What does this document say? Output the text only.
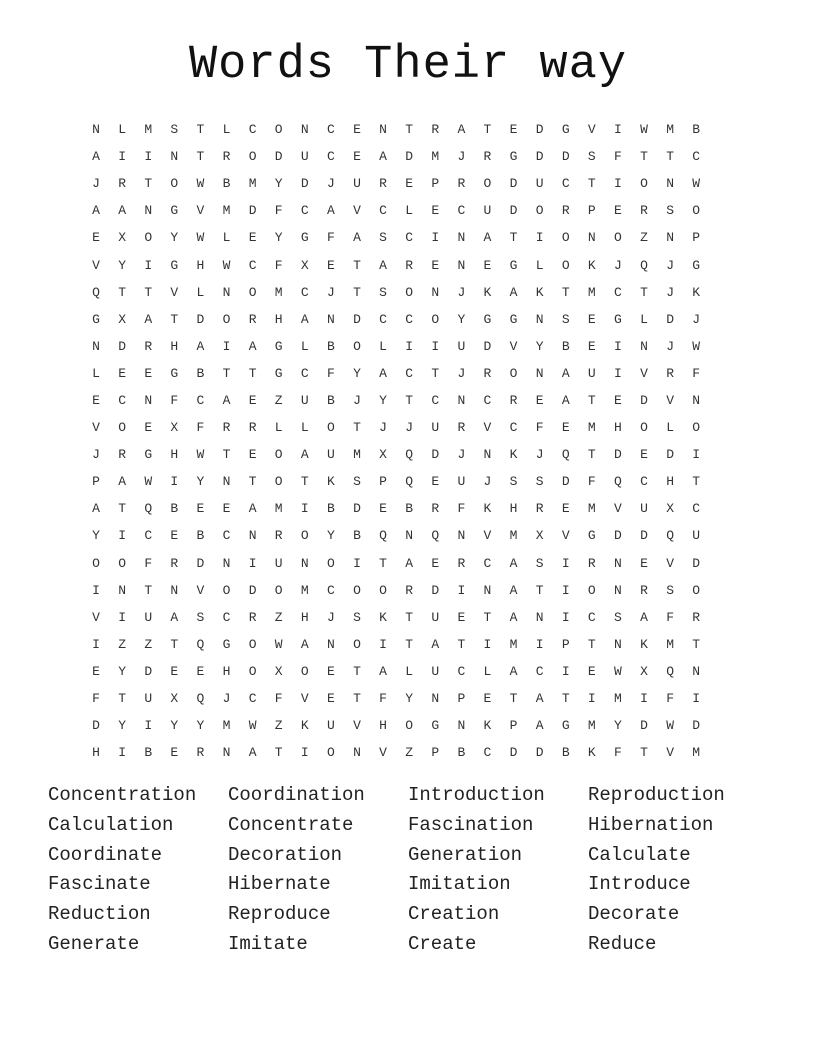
Words Their way
N	L	M	S	T	L	C	O	N	C	E	N	T	R	A	T	E	D	G	V	I	W	M	B
A	I	I	N	T	R	O	D	U	C	E	A	D	M	J	R	G	D	D	S	F	T	T	C
J	R	T	O	W	B	M	Y	D	J	U	R	E	P	R	O	D	U	C	T	I	O	N	W
A	A	N	G	V	M	D	F	C	A	V	C	L	E	C	U	D	O	R	P	E	R	S	O
E	X	O	Y	W	L	E	Y	G	F	A	S	C	I	N	A	T	I	O	N	O	Z	N	P
V	Y	I	G	H	W	C	F	X	E	T	A	R	E	N	E	G	L	O	K	J	Q	J	G
Q	T	T	V	L	N	O	M	C	J	T	S	O	N	J	K	A	K	T	M	C	T	J	K
G	X	A	T	D	O	R	H	A	N	D	C	C	O	Y	G	G	N	S	E	G	L	D	J
N	D	R	H	A	I	A	G	L	B	O	L	I	I	U	D	V	Y	B	E	I	N	J	W
L	E	E	G	B	T	T	G	C	F	Y	A	C	T	J	R	O	N	A	U	I	V	R	F
E	C	N	F	C	A	E	Z	U	B	J	Y	T	C	N	C	R	E	A	T	E	D	V	N
V	O	E	X	F	R	R	L	L	O	T	J	J	U	R	V	C	F	E	M	H	O	L	O
J	R	G	H	W	T	E	O	A	U	M	X	Q	D	J	N	K	J	Q	T	D	E	D	I
P	A	W	I	Y	N	T	O	T	K	S	P	Q	E	U	J	S	S	D	F	Q	C	H	T
A	T	Q	B	E	E	A	M	I	B	D	E	B	R	F	K	H	R	E	M	V	U	X	C
Y	I	C	E	B	C	N	R	O	Y	B	Q	N	Q	N	V	M	X	V	G	D	D	Q	U
O	O	F	R	D	N	I	U	N	O	I	T	A	E	R	C	A	S	I	R	N	E	V	D
I	N	T	N	V	O	D	O	M	C	O	O	R	D	I	N	A	T	I	O	N	R	S	O
V	I	U	A	S	C	R	Z	H	J	S	K	T	U	E	T	A	N	I	C	S	A	F	R
I	Z	Z	T	Q	G	O	W	A	N	O	I	T	A	T	I	M	I	P	T	N	K	M	T
E	Y	D	E	E	H	O	X	O	E	T	A	L	U	C	L	A	C	I	E	W	X	Q	N
F	T	U	X	Q	J	C	F	V	E	T	F	Y	N	P	E	T	A	T	I	M	I	F	I
D	Y	I	Y	Y	M	W	Z	K	U	V	H	O	G	N	K	P	A	G	M	Y	D	W	D
H	I	B	E	R	N	A	T	I	O	N	V	Z	P	B	C	D	D	B	K	F	T	V	M
Concentration	Coordination	Introduction	Reproduction
Calculation	Concentrate	Fascination	Hibernation
Coordinate	Decoration	Generation	Calculate
Fascinate	Hibernate	Imitation	Introduce
Reduction	Reproduce	Creation	Decorate
Generate	Imitate	Create	Reduce
